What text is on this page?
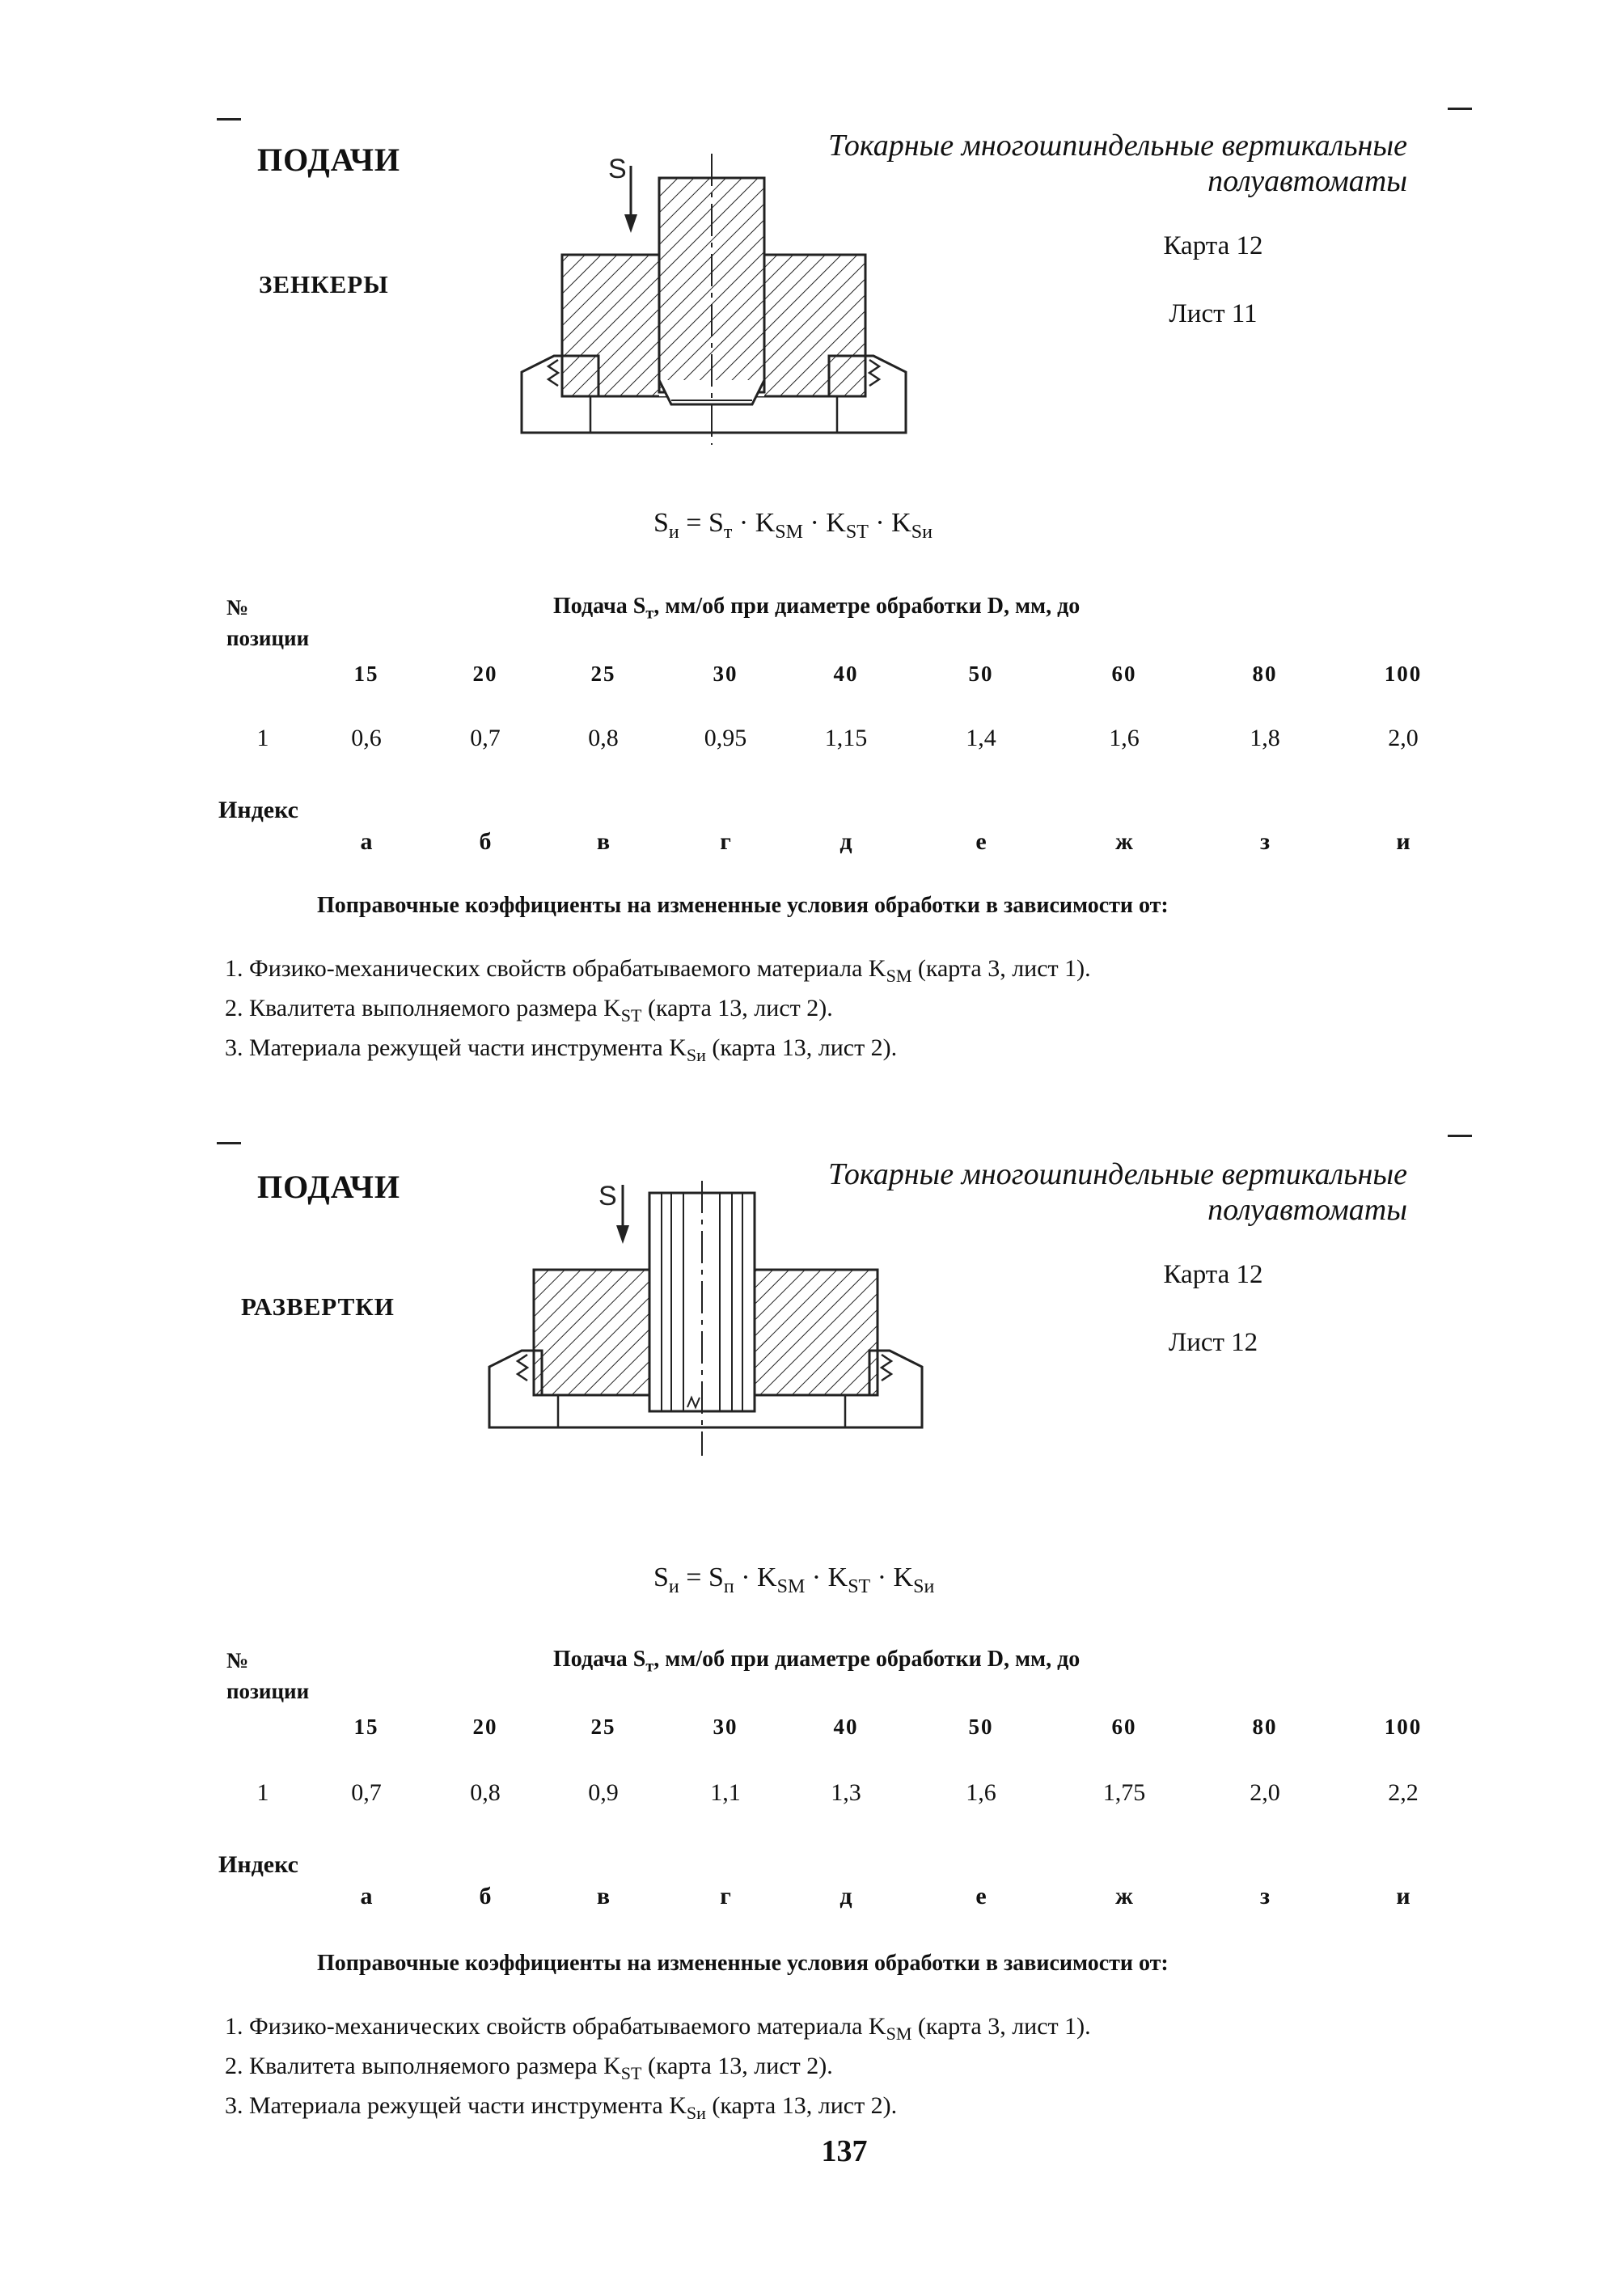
ПОДАЧИ
ЗЕНКЕРЫ
Токарные многошпиндельные вертикальные полуавтоматы
Карта 12
Лист 11
S
$S_и = S_т \cdot K_{SM} \cdot K_{ST} \cdot K_{Sи}$
№ позиции
Подача $S_т$, мм/об при диаметре обработки D, мм, до
15	20	25	30	40	50	60	80	100
1	0,6	0,7	0,8	0,95	1,15	1,4	1,6	1,8	2,0
Индекс
а	б	в	г	д	е	ж	з	и
Поправочные коэффициенты на измененные условия обработки в зависимости от:
1. Физико-механических свойств обрабатываемого материала $K_{SM}$ (карта 3, лист 1).
2. Квалитета выполняемого размера $K_{ST}$ (карта 13, лист 2).
3. Материала режущей части инструмента $K_{Sи}$ (карта 13, лист 2).
ПОДАЧИ
РАЗВЕРТКИ
Токарные многошпиндельные вертикальные полуавтоматы
Карта 12
Лист 12
S
$S_и = S_п \cdot K_{SM} \cdot K_{ST} \cdot K_{Sи}$
№ позиции
Подача $S_т$, мм/об при диаметре обработки D, мм, до
15	20	25	30	40	50	60	80	100
1	0,7	0,8	0,9	1,1	1,3	1,6	1,75	2,0	2,2
Индекс
а	б	в	г	д	е	ж	з	и
Поправочные коэффициенты на измененные условия обработки в зависимости от:
1. Физико-механических свойств обрабатываемого материала $K_{SM}$ (карта 3, лист 1).
2. Квалитета выполняемого размера $K_{ST}$ (карта 13, лист 2).
3. Материала режущей части инструмента $K_{Sи}$ (карта 13, лист 2).
137
